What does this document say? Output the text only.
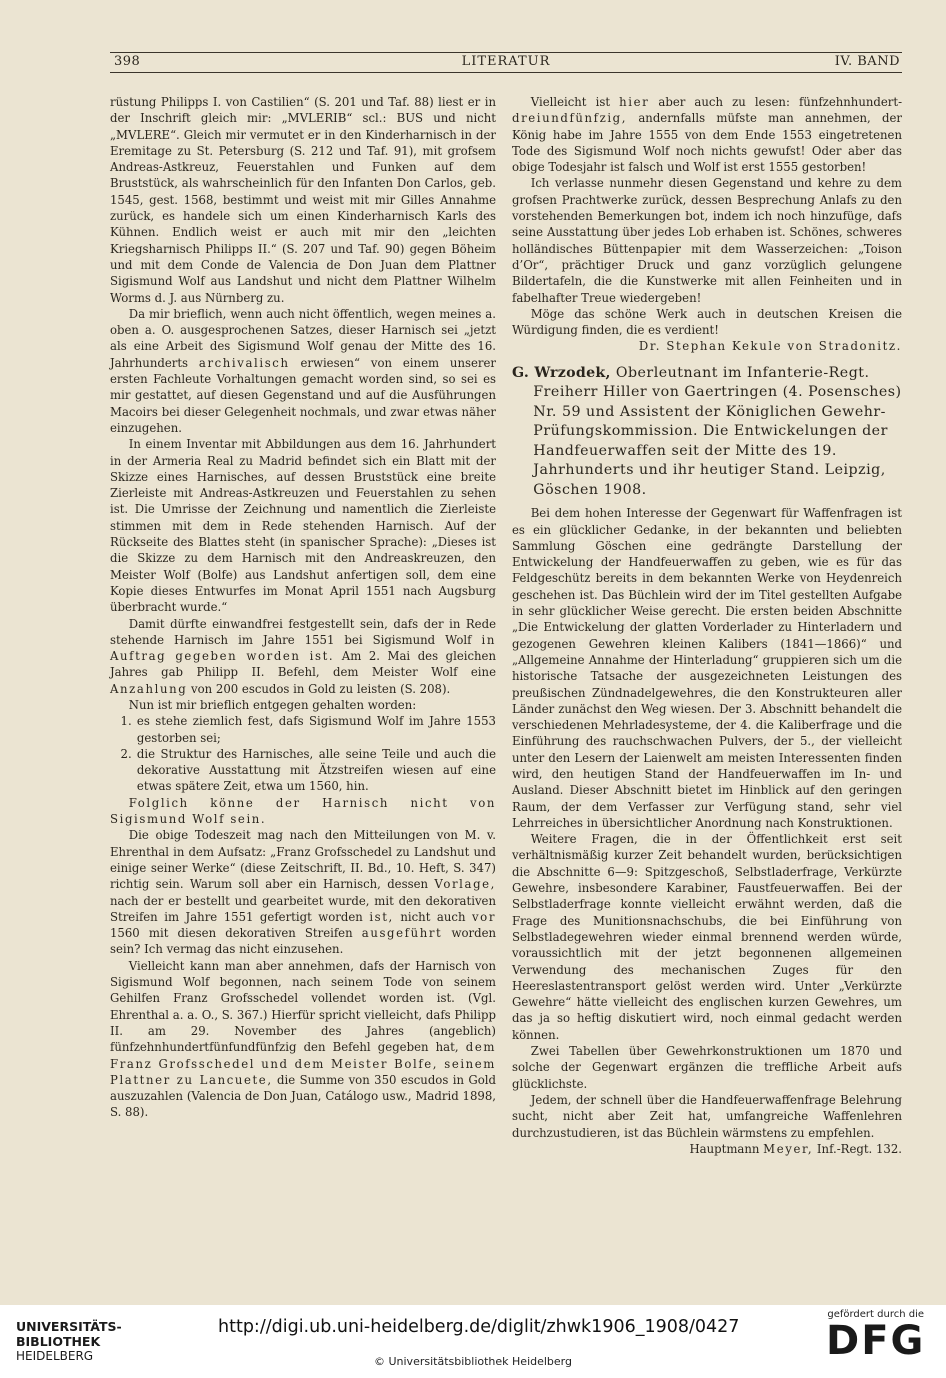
398	LITERATUR	IV. BAND

rüstung Philipps I. von Castilien“ (S. 201 und Taf. 88) liest er in der Inschrift gleich mir: „MVLERIB“ scl.: BUS und nicht „MVLERE“. Gleich mir vermutet er in den Kinderharnisch in der Eremitage zu St. Petersburg (S. 212 und Taf. 91), mit grofsem Andreas-Astkreuz, Feuerstahlen und Funken auf dem Bruststück, als wahrscheinlich für den Infanten Don Carlos, geb. 1545, gest. 1568, bestimmt und weist mit mir Gilles Annahme zurück, es handele sich um einen Kinderharnisch Karls des Kühnen. Endlich weist er auch mit mir den „leichten Kriegsharnisch Philipps II.“ (S. 207 und Taf. 90) gegen Böheim und mit dem Conde de Valencia de Don Juan dem Plattner Sigismund Wolf aus Landshut und nicht dem Plattner Wilhelm Worms d. J. aus Nürnberg zu.

Da mir brieflich, wenn auch nicht öffentlich, wegen meines a. oben a. O. ausgesprochenen Satzes, dieser Harnisch sei „jetzt als eine Arbeit des Sigismund Wolf genau der Mitte des 16. Jahrhunderts archivalisch erwiesen“ von einem unserer ersten Fachleute Vorhaltungen gemacht worden sind, so sei es mir gestattet, auf diesen Gegenstand und auf die Ausführungen Macoirs bei dieser Gelegenheit nochmals, und zwar etwas näher einzugehen.

In einem Inventar mit Abbildungen aus dem 16. Jahrhundert in der Armeria Real zu Madrid befindet sich ein Blatt mit der Skizze eines Harnisches, auf dessen Bruststück eine breite Zierleiste mit Andreas-Astkreuzen und Feuerstahlen zu sehen ist. Die Umrisse der Zeichnung und namentlich die Zierleiste stimmen mit dem in Rede stehenden Harnisch. Auf der Rückseite des Blattes steht (in spanischer Sprache): „Dieses ist die Skizze zu dem Harnisch mit den Andreaskreuzen, den Meister Wolf (Bolfe) aus Landshut anfertigen soll, dem eine Kopie dieses Entwurfes im Monat April 1551 nach Augsburg überbracht wurde.“

Damit dürfte einwandfrei festgestellt sein, dafs der in Rede stehende Harnisch im Jahre 1551 bei Sigismund Wolf in Auftrag gegeben worden ist. Am 2. Mai des gleichen Jahres gab Philipp II. Befehl, dem Meister Wolf eine Anzahlung von 200 escudos in Gold zu leisten (S. 208).

Nun ist mir brieflich entgegen gehalten worden:

1. es stehe ziemlich fest, dafs Sigismund Wolf im Jahre 1553 gestorben sei;
2. die Struktur des Harnisches, alle seine Teile und auch die dekorative Ausstattung mit Ätzstreifen wiesen auf eine etwas spätere Zeit, etwa um 1560, hin.

Folglich könne der Harnisch nicht von Sigismund Wolf sein.

Die obige Todeszeit mag nach den Mitteilungen von M. v. Ehrenthal in dem Aufsatz: „Franz Grofsschedel zu Landshut und einige seiner Werke“ (diese Zeitschrift, II. Bd., 10. Heft, S. 347) richtig sein. Warum soll aber ein Harnisch, dessen Vorlage, nach der er bestellt und gearbeitet wurde, mit den dekorativen Streifen im Jahre 1551 gefertigt worden ist, nicht auch vor 1560 mit diesen dekorativen Streifen ausgeführt worden sein? Ich vermag das nicht einzusehen.

Vielleicht kann man aber annehmen, dafs der Harnisch von Sigismund Wolf begonnen, nach seinem Tode von seinem Gehilfen Franz Grofsschedel vollendet worden ist. (Vgl. Ehrenthal a. a. O., S. 367.) Hierfür spricht vielleicht, dafs Philipp II. am 29. November des Jahres (angeblich) fünfzehnhundertfünfundfünfzig den Befehl gegeben hat, dem Franz Grofsschedel und dem Meister Bolfe, seinem Plattner zu Lancuete, die Summe von 350 escudos in Gold auszuzahlen (Valencia de Don Juan, Catálogo usw., Madrid 1898, S. 88).

Vielleicht ist hier aber auch zu lesen: fünfzehnhundert- dreiundfünfzig, andernfalls müfste man annehmen, der König habe im Jahre 1555 von dem Ende 1553 eingetretenen Tode des Sigismund Wolf noch nichts gewufst! Oder aber das obige Todesjahr ist falsch und Wolf ist erst 1555 gestorben!

Ich verlasse nunmehr diesen Gegenstand und kehre zu dem grofsen Prachtwerke zurück, dessen Besprechung Anlafs zu den vorstehenden Bemerkungen bot, indem ich noch hinzufüge, dafs seine Ausstattung über jedes Lob erhaben ist. Schönes, schweres holländisches Büttenpapier mit dem Wasserzeichen: „Toison d’Or“, prächtiger Druck und ganz vorzüglich gelungene Bildertafeln, die die Kunstwerke mit allen Feinheiten und in fabelhafter Treue wiedergeben!

Möge das schöne Werk auch in deutschen Kreisen die Würdigung finden, die es verdient!

Dr. Stephan Kekule von Stradonitz.

G. Wrzodek, Oberleutnant im Infanterie-Regt. Freiherr Hiller von Gaertringen (4. Posensches) Nr. 59 und Assistent der Königlichen Gewehr-Prüfungskommission. Die Entwickelungen der Handfeuerwaffen seit der Mitte des 19. Jahrhunderts und ihr heutiger Stand. Leipzig, Göschen 1908.

Bei dem hohen Interesse der Gegenwart für Waffenfragen ist es ein glücklicher Gedanke, in der bekannten und beliebten Sammlung Göschen eine gedrängte Darstellung der Entwickelung der Handfeuerwaffen zu geben, wie es für das Feldgeschütz bereits in dem bekannten Werke von Heydenreich geschehen ist. Das Büchlein wird der im Titel gestellten Aufgabe in sehr glücklicher Weise gerecht. Die ersten beiden Abschnitte „Die Entwickelung der glatten Vorderlader zu Hinterladern und gezogenen Gewehren kleinen Kalibers (1841—1866)“ und „Allgemeine Annahme der Hinterladung“ gruppieren sich um die historische Tatsache der ausgezeichneten Leistungen des preußischen Zündnadelgewehres, die den Konstrukteuren aller Länder zunächst den Weg wiesen. Der 3. Abschnitt behandelt die verschiedenen Mehrladesysteme, der 4. die Kaliberfrage und die Einführung des rauchschwachen Pulvers, der 5., der vielleicht unter den Lesern der Laienwelt am meisten Interessenten finden wird, den heutigen Stand der Handfeuerwaffen im In- und Ausland. Dieser Abschnitt bietet im Hinblick auf den geringen Raum, der dem Verfasser zur Verfügung stand, sehr viel Lehrreiches in übersichtlicher Anordnung nach Konstruktionen.

Weitere Fragen, die in der Öffentlichkeit erst seit verhältnismäßig kurzer Zeit behandelt wurden, berücksichtigen die Abschnitte 6—9: Spitzgeschoß, Selbstladerfrage, Verkürzte Gewehre, insbesondere Karabiner, Faustfeuerwaffen. Bei der Selbstladerfrage konnte vielleicht erwähnt werden, daß die Frage des Munitionsnachschubs, die bei Einführung von Selbstladegewehren wieder einmal brennend werden würde, voraussichtlich mit der jetzt begonnenen allgemeinen Verwendung des mechanischen Zuges für den Heereslastentransport gelöst werden wird. Unter „Verkürzte Gewehre“ hätte vielleicht des englischen kurzen Gewehres, um das ja so heftig diskutiert wird, noch einmal gedacht werden können.

Zwei Tabellen über Gewehrkonstruktionen um 1870 und solche der Gegenwart ergänzen die treffliche Arbeit aufs glücklichste.

Jedem, der schnell über die Handfeuerwaffenfrage Belehrung sucht, nicht aber Zeit hat, umfangreiche Waffenlehren durchzustudieren, ist das Büchlein wärmstens zu empfehlen.
Hauptmann Meyer, Inf.-Regt. 132.

UNIVERSITÄTS-
BIBLIOTHEK
HEIDELBERG
http://digi.ub.uni-heidelberg.de/diglit/zhwk1906_1908/0427
© Universitätsbibliothek Heidelberg
gefördert durch die
DFG
